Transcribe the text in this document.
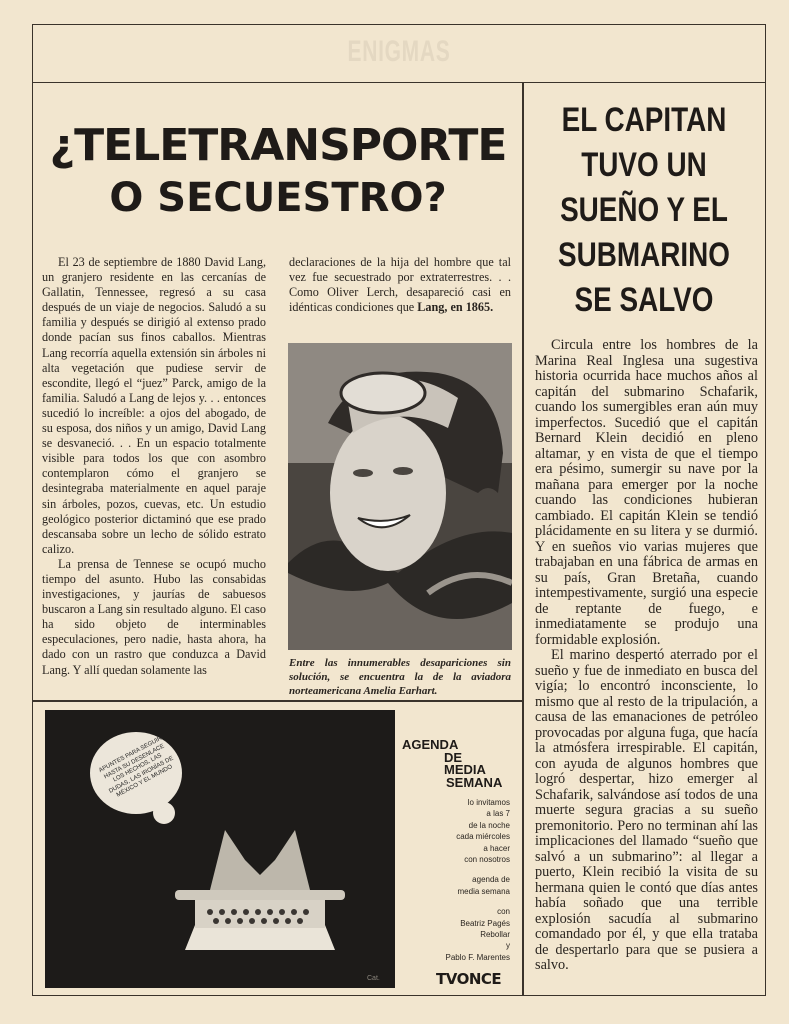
ENIGMAS
¿TELETRANSPORTE
O SECUESTRO?

El 23 de septiembre de 1880 David Lang, un granjero residente en las cercanías de Gallatin, Tennessee, regresó a su casa después de un viaje de negocios. Saludó a su familia y después se dirigió al extenso prado donde pacían sus finos caballos. Mientras Lang recorría aquella extensión sin árboles ni alta vegetación que pudiese servir de escondite, llegó el “juez” Parck, amigo de la familia. Saludó a Lang de lejos y. . . entonces sucedió lo increíble: a ojos del abogado, de su esposa, dos niños y un amigo, David Lang se desvaneció. . . En un espacio totalmente visible para todos los que con asombro contemplaron cómo el granjero se desintegraba materialmente en aquel paraje sin árboles, pozos, cuevas, etc. Un estudio geológico posterior dictaminó que ese prado descansaba sobre un lecho de sólido estrato calizo.

La prensa de Tennese se ocupó mucho tiempo del asunto. Hubo las consabidas investigaciones, y jaurías de sabuesos buscaron a Lang sin resultado alguno. El caso ha sido objeto de interminables especulaciones, pero nadie, hasta ahora, ha dado con un rastro que conduzca a David Lang. Y allí quedan solamente las

declaraciones de la hija del hombre que tal vez fue secuestrado por extraterrestres. . . Como Oliver Lerch, desapareció casi en idénticas condiciones que Lang, en 1865.

Entre las innumerables desapariciones sin solución, se encuentra la de la aviadora norteamericana Amelia Earhart.
EL CAPITAN
TUVO UN
SUEÑO Y EL
SUBMARINO
SE SALVO

Circula entre los hombres de la Marina Real Inglesa una sugestiva historia ocurrida hace muchos años al capitán del submarino Schafarik, cuando los sumergibles eran aún muy imperfectos. Sucedió que el capitán Bernard Klein decidió en pleno altamar, y en vista de que el tiempo era pésimo, sumergir su nave por la mañana para emerger por la noche cuando las condiciones hubieran cambiado. El capitán Klein se tendió plácidamente en su litera y se durmió. Y en sueños vio varias mujeres que trabajaban en una fábrica de armas en su país, Gran Bretaña, cuando intempestivamente, surgió una especie de reptante de fuego, e inmediatamente se produjo una formidable explosión.

El marino despertó aterrado por el sueño y fue de inmediato en busca del vigía; lo encontró inconsciente, lo mismo que al resto de la tripulación, a causa de las emanaciones de petróleo provocadas por alguna fuga, que hacía la atmósfera irrespirable. El capitán, con ayuda de algunos hombres que logró despertar, hizo emerger al Schafarik, salvándose así todos de una muerte segura gracias a su sueño premonitorio. Pero no terminan ahí las implicaciones del llamado “sueño que salvó a un submarino”: al llegar a puerto, Klein recibió la visita de su hermana quien le contó que días antes había soñado que una terrible explosión sacudía al submarino comandado por él, y que ella trataba de despertarlo para que se pusiera a salvo.

APUNTES PARA SEGUIR HASTA SU DESENLACE LOS HECHOS, LAS DUDAS, LAS IRONÍAS DE MÉXICO Y EL MUNDO
Cat.
AGENDA
DE
MEDIA
SEMANA
lo invitamos
a las 7
de la noche
cada miércoles
a hacer
con nosotros
agenda de
media semana
con
Beatriz Pagés
Rebollar
y
Pablo F. Marentes
TVONCE
